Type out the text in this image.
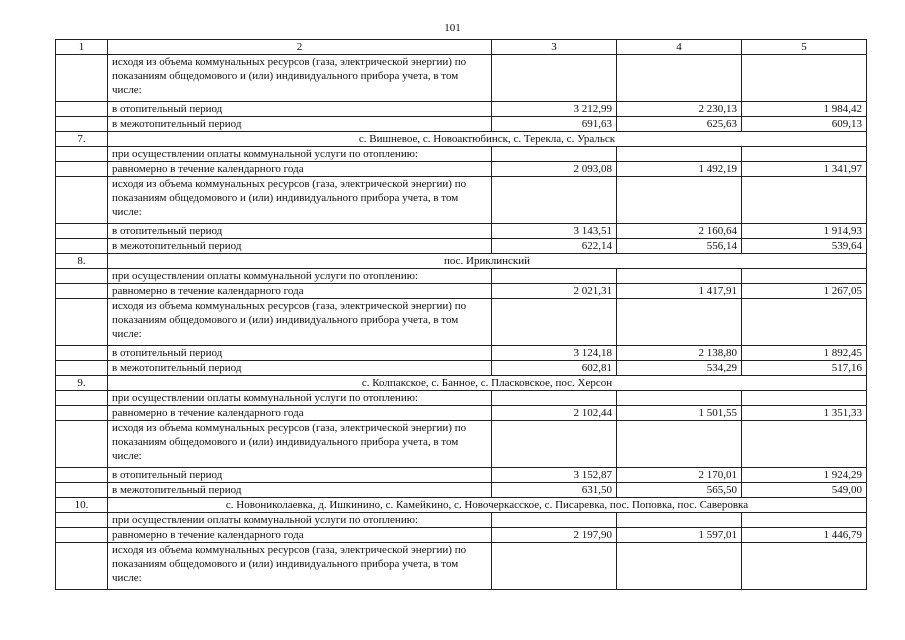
101
1	2	3	4	5
	исходя из объема коммунальных ресурсов (газа, электрической энергии) по показаниям общедомового и (или) индивидуального прибора учета, в том числе:			
	в отопительный период	3 212,99	2 230,13	1 984,42
	в межотопительный период	691,63	625,63	609,13
7.	с. Вишневое, с. Новоактюбинск, с. Терекла, с. Уральск			
	при осуществлении оплаты коммунальной услуги по отоплению:			
	равномерно в течение календарного года	2 093,08	1 492,19	1 341,97
	исходя из объема коммунальных ресурсов (газа, электрической энергии) по показаниям общедомового и (или) индивидуального прибора учета, в том числе:			
	в отопительный период	3 143,51	2 160,64	1 914,93
	в межотопительный период	622,14	556,14	539,64
8.	пос. Ириклинский			
	при осуществлении оплаты коммунальной услуги по отоплению:			
	равномерно в течение календарного года	2 021,31	1 417,91	1 267,05
	исходя из объема коммунальных ресурсов (газа, электрической энергии) по показаниям общедомового и (или) индивидуального прибора учета, в том числе:			
	в отопительный период	3 124,18	2 138,80	1 892,45
	в межотопительный период	602,81	534,29	517,16
9.	с. Колпакское, с. Банное, с. Пласковское, пос. Херсон			
	при осуществлении оплаты коммунальной услуги по отоплению:			
	равномерно в течение календарного года	2 102,44	1 501,55	1 351,33
	исходя из объема коммунальных ресурсов (газа, электрической энергии) по показаниям общедомового и (или) индивидуального прибора учета, в том числе:			
	в отопительный период	3 152,87	2 170,01	1 924,29
	в межотопительный период	631,50	565,50	549,00
10.	с. Новониколаевка, д. Ишкинино, с. Камейкино, с. Новочеркасское, с. Писаревка, пос. Поповка, пос. Саверовка			
	при осуществлении оплаты коммунальной услуги по отоплению:			
	равномерно в течение календарного года	2 197,90	1 597,01	1 446,79
	исходя из объема коммунальных ресурсов (газа, электрической энергии) по показаниям общедомового и (или) индивидуального прибора учета, в том числе:			
